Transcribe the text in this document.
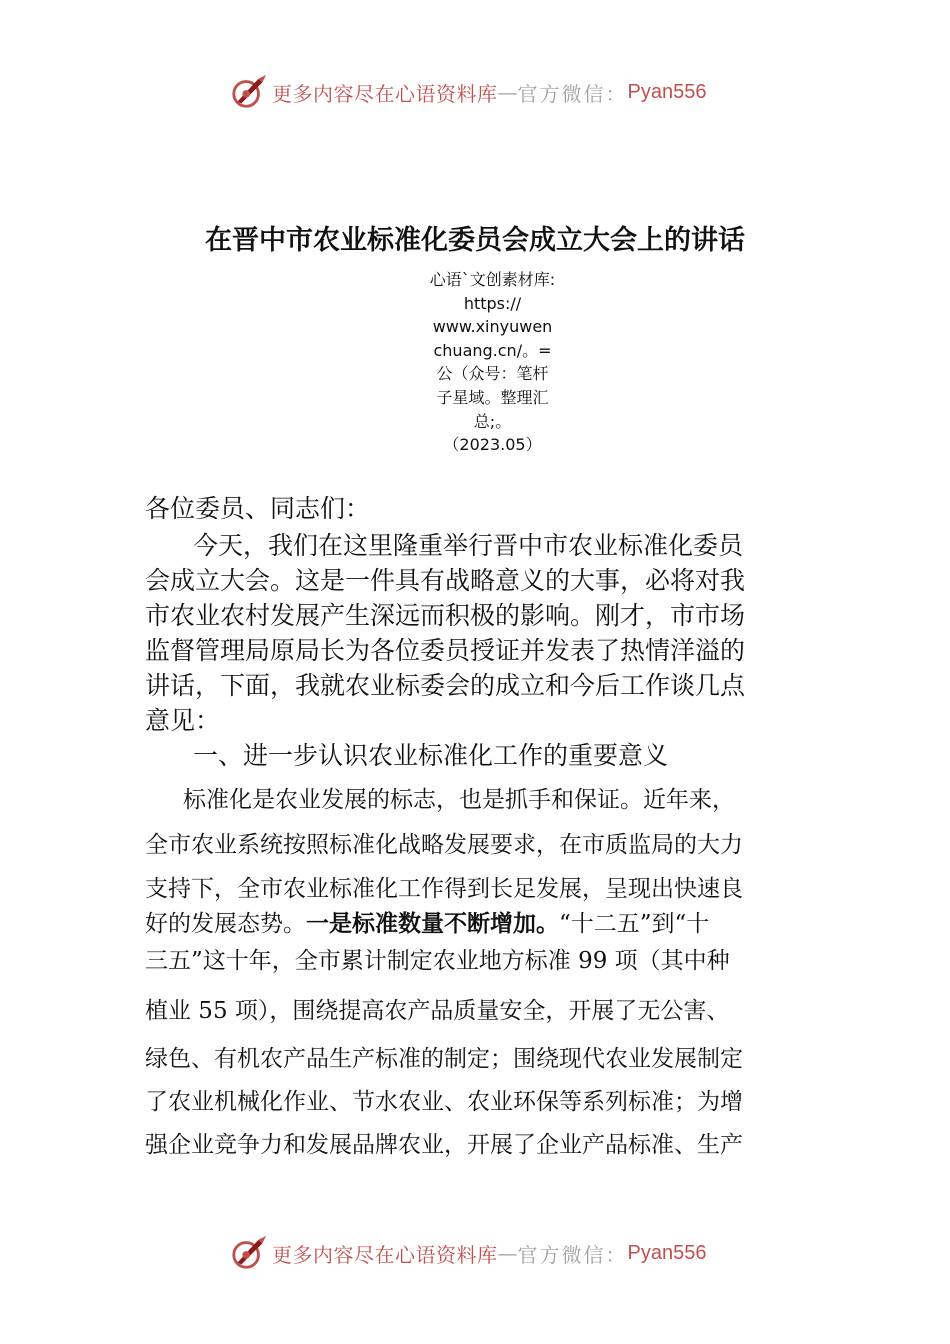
更多内容尽在心语资料库 — 官方微信： Pyan556
在晋中市农业标准化委员会成立大会上的讲话
心语`文创素材库:
https://
www.xinyuwen
chuang.cn/。=
公（众号：笔杆
子星域。整理汇
总;。
（2023.05）
各位委员、同志们：
今天，我们在这里隆重举行晋中市农业标准化委员
会成立大会。这是一件具有战略意义的大事，必将对我
市农业农村发展产生深远而积极的影响。刚才，市市场
监督管理局原局长为各位委员授证并发表了热情洋溢的
讲话，下面，我就农业标委会的成立和今后工作谈几点
意见：
一、进一步认识农业标准化工作的重要意义
标准化是农业发展的标志，也是抓手和保证。近年来，
全市农业系统按照标准化战略发展要求，在市质监局的大力
支持下，全市农业标准化工作得到长足发展，呈现出快速良
好的发展态势。一是标准数量不断增加。“十二五”到“十
三五”这十年，全市累计制定农业地方标准 99 项（其中种
植业 55 项），围绕提高农产品质量安全，开展了无公害、
绿色、有机农产品生产标准的制定；围绕现代农业发展制定
了农业机械化作业、节水农业、农业环保等系列标准；为增
强企业竞争力和发展品牌农业，开展了企业产品标准、生产
更多内容尽在心语资料库 — 官方微信： Pyan556
